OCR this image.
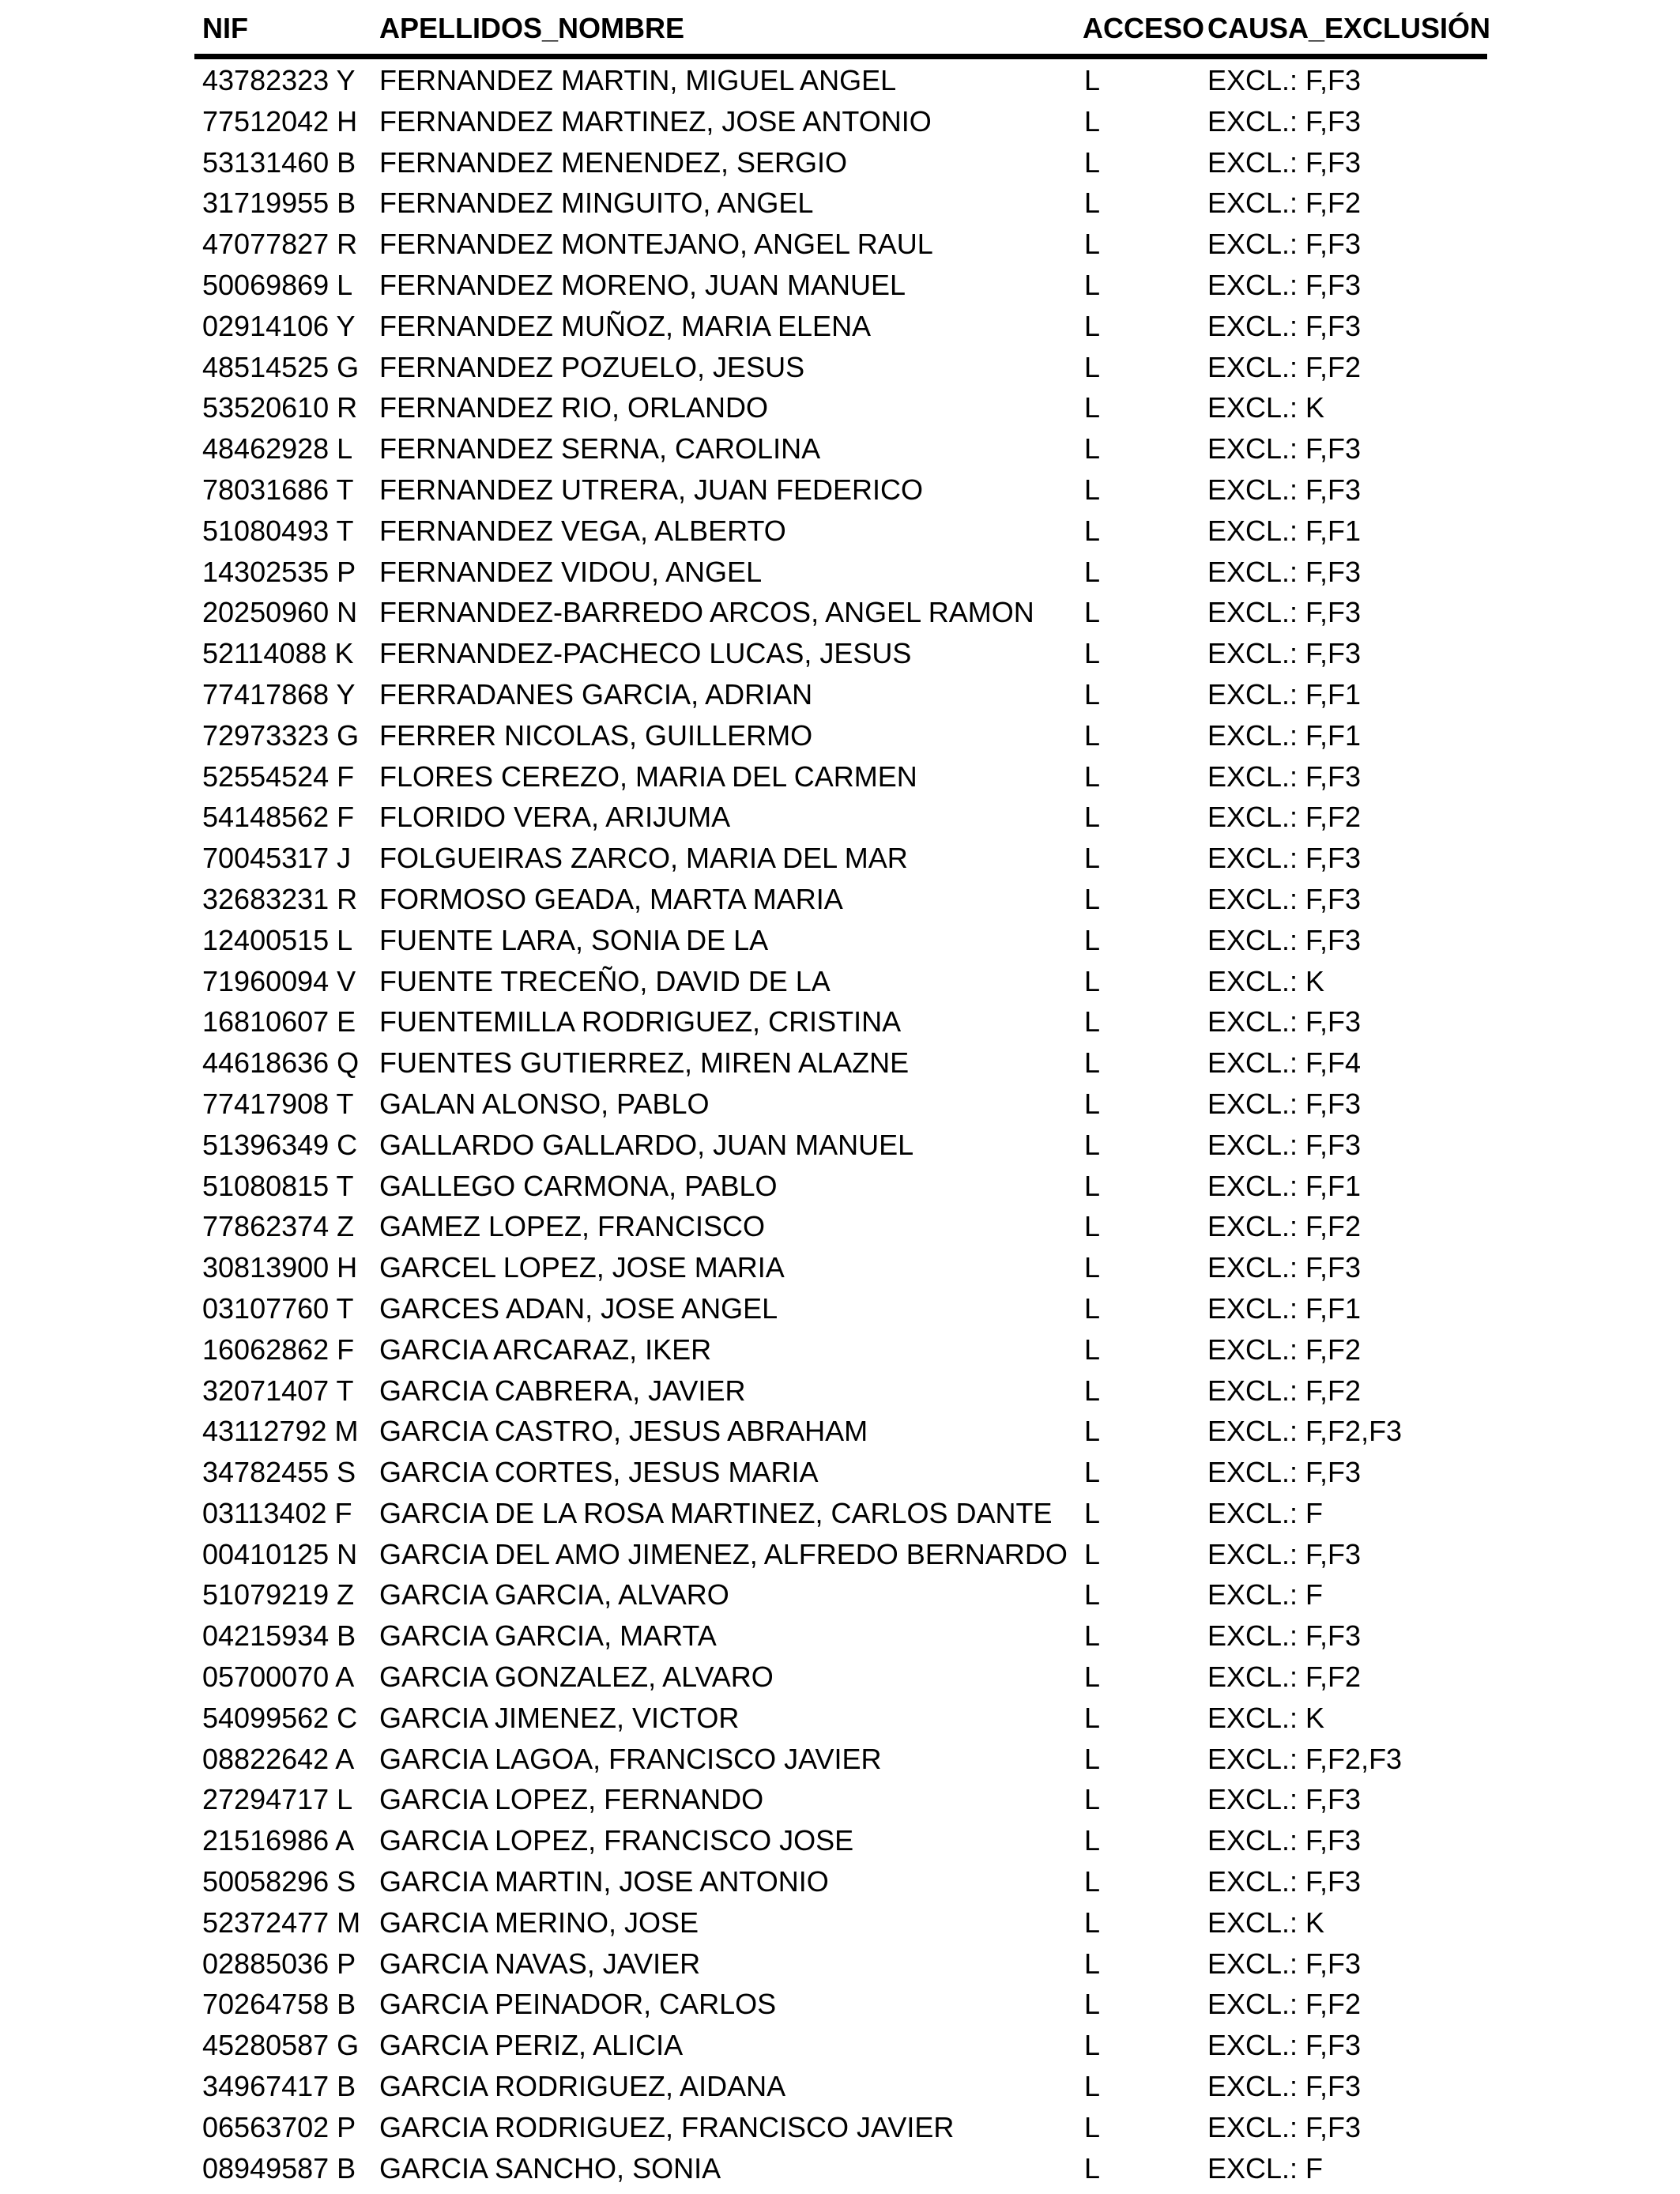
NIF	APELLIDOS_NOMBRE	ACCESO CAUSA_EXCLUSIÓN
43782323 Y FERNANDEZ MARTIN, MIGUEL ANGEL	L	EXCL.: F,F3
77512042 H FERNANDEZ MARTINEZ, JOSE ANTONIO	L	EXCL.: F,F3
53131460 B FERNANDEZ MENENDEZ, SERGIO	L	EXCL.: F,F3
31719955 B FERNANDEZ MINGUITO, ANGEL	L	EXCL.: F,F2
47077827 R FERNANDEZ MONTEJANO, ANGEL RAUL	L	EXCL.: F,F3
50069869 L FERNANDEZ MORENO, JUAN MANUEL	L	EXCL.: F,F3
02914106 Y FERNANDEZ MUÑOZ, MARIA ELENA	L	EXCL.: F,F3
48514525 G FERNANDEZ POZUELO, JESUS	L	EXCL.: F,F2
53520610 R FERNANDEZ RIO, ORLANDO	L	EXCL.: K
48462928 L FERNANDEZ SERNA, CAROLINA	L	EXCL.: F,F3
78031686 T FERNANDEZ UTRERA, JUAN FEDERICO	L	EXCL.: F,F3
51080493 T FERNANDEZ VEGA, ALBERTO	L	EXCL.: F,F1
14302535 P FERNANDEZ VIDOU, ANGEL	L	EXCL.: F,F3
20250960 N FERNANDEZ-BARREDO ARCOS, ANGEL RAMON L	EXCL.: F,F3
52114088 K FERNANDEZ-PACHECO LUCAS, JESUS	L	EXCL.: F,F3
77417868 Y FERRADANES GARCIA, ADRIAN	L	EXCL.: F,F1
72973323 G FERRER NICOLAS, GUILLERMO	L	EXCL.: F,F1
52554524 F FLORES CEREZO, MARIA DEL CARMEN	L	EXCL.: F,F3
54148562 F FLORIDO VERA, ARIJUMA	L	EXCL.: F,F2
70045317 J FOLGUEIRAS ZARCO, MARIA DEL MAR	L	EXCL.: F,F3
32683231 R FORMOSO GEADA, MARTA MARIA	L	EXCL.: F,F3
12400515 L FUENTE LARA, SONIA DE LA	L	EXCL.: F,F3
71960094 V FUENTE TRECEÑO, DAVID DE LA	L	EXCL.: K
16810607 E FUENTEMILLA RODRIGUEZ, CRISTINA	L	EXCL.: F,F3
44618636 Q FUENTES GUTIERREZ, MIREN ALAZNE	L	EXCL.: F,F4
77417908 T GALAN ALONSO, PABLO	L	EXCL.: F,F3
51396349 C GALLARDO GALLARDO, JUAN MANUEL	L	EXCL.: F,F3
51080815 T GALLEGO CARMONA, PABLO	L	EXCL.: F,F1
77862374 Z GAMEZ LOPEZ, FRANCISCO	L	EXCL.: F,F2
30813900 H GARCEL LOPEZ, JOSE MARIA	L	EXCL.: F,F3
03107760 T GARCES ADAN, JOSE ANGEL	L	EXCL.: F,F1
16062862 F GARCIA ARCARAZ, IKER	L	EXCL.: F,F2
32071407 T GARCIA CABRERA, JAVIER	L	EXCL.: F,F2
43112792 M GARCIA CASTRO, JESUS ABRAHAM	L	EXCL.: F,F2,F3
34782455 S GARCIA CORTES, JESUS MARIA	L	EXCL.: F,F3
03113402 F GARCIA DE LA ROSA MARTINEZ, CARLOS DANTE L	EXCL.: F
00410125 N GARCIA DEL AMO JIMENEZ, ALFREDO BERNARDO L	EXCL.: F,F3
51079219 Z GARCIA GARCIA, ALVARO	L	EXCL.: F
04215934 B GARCIA GARCIA, MARTA	L	EXCL.: F,F3
05700070 A GARCIA GONZALEZ, ALVARO	L	EXCL.: F,F2
54099562 C GARCIA JIMENEZ, VICTOR	L	EXCL.: K
08822642 A GARCIA LAGOA, FRANCISCO JAVIER	L	EXCL.: F,F2,F3
27294717 L GARCIA LOPEZ, FERNANDO	L	EXCL.: F,F3
21516986 A GARCIA LOPEZ, FRANCISCO JOSE	L	EXCL.: F,F3
50058296 S GARCIA MARTIN, JOSE ANTONIO	L	EXCL.: F,F3
52372477 M GARCIA MERINO, JOSE	L	EXCL.: K
02885036 P GARCIA NAVAS, JAVIER	L	EXCL.: F,F3
70264758 B GARCIA PEINADOR, CARLOS	L	EXCL.: F,F2
45280587 G GARCIA PERIZ, ALICIA	L	EXCL.: F,F3
34967417 B GARCIA RODRIGUEZ, AIDANA	L	EXCL.: F,F3
06563702 P GARCIA RODRIGUEZ, FRANCISCO JAVIER	L	EXCL.: F,F3
08949587 B GARCIA SANCHO, SONIA	L	EXCL.: F
